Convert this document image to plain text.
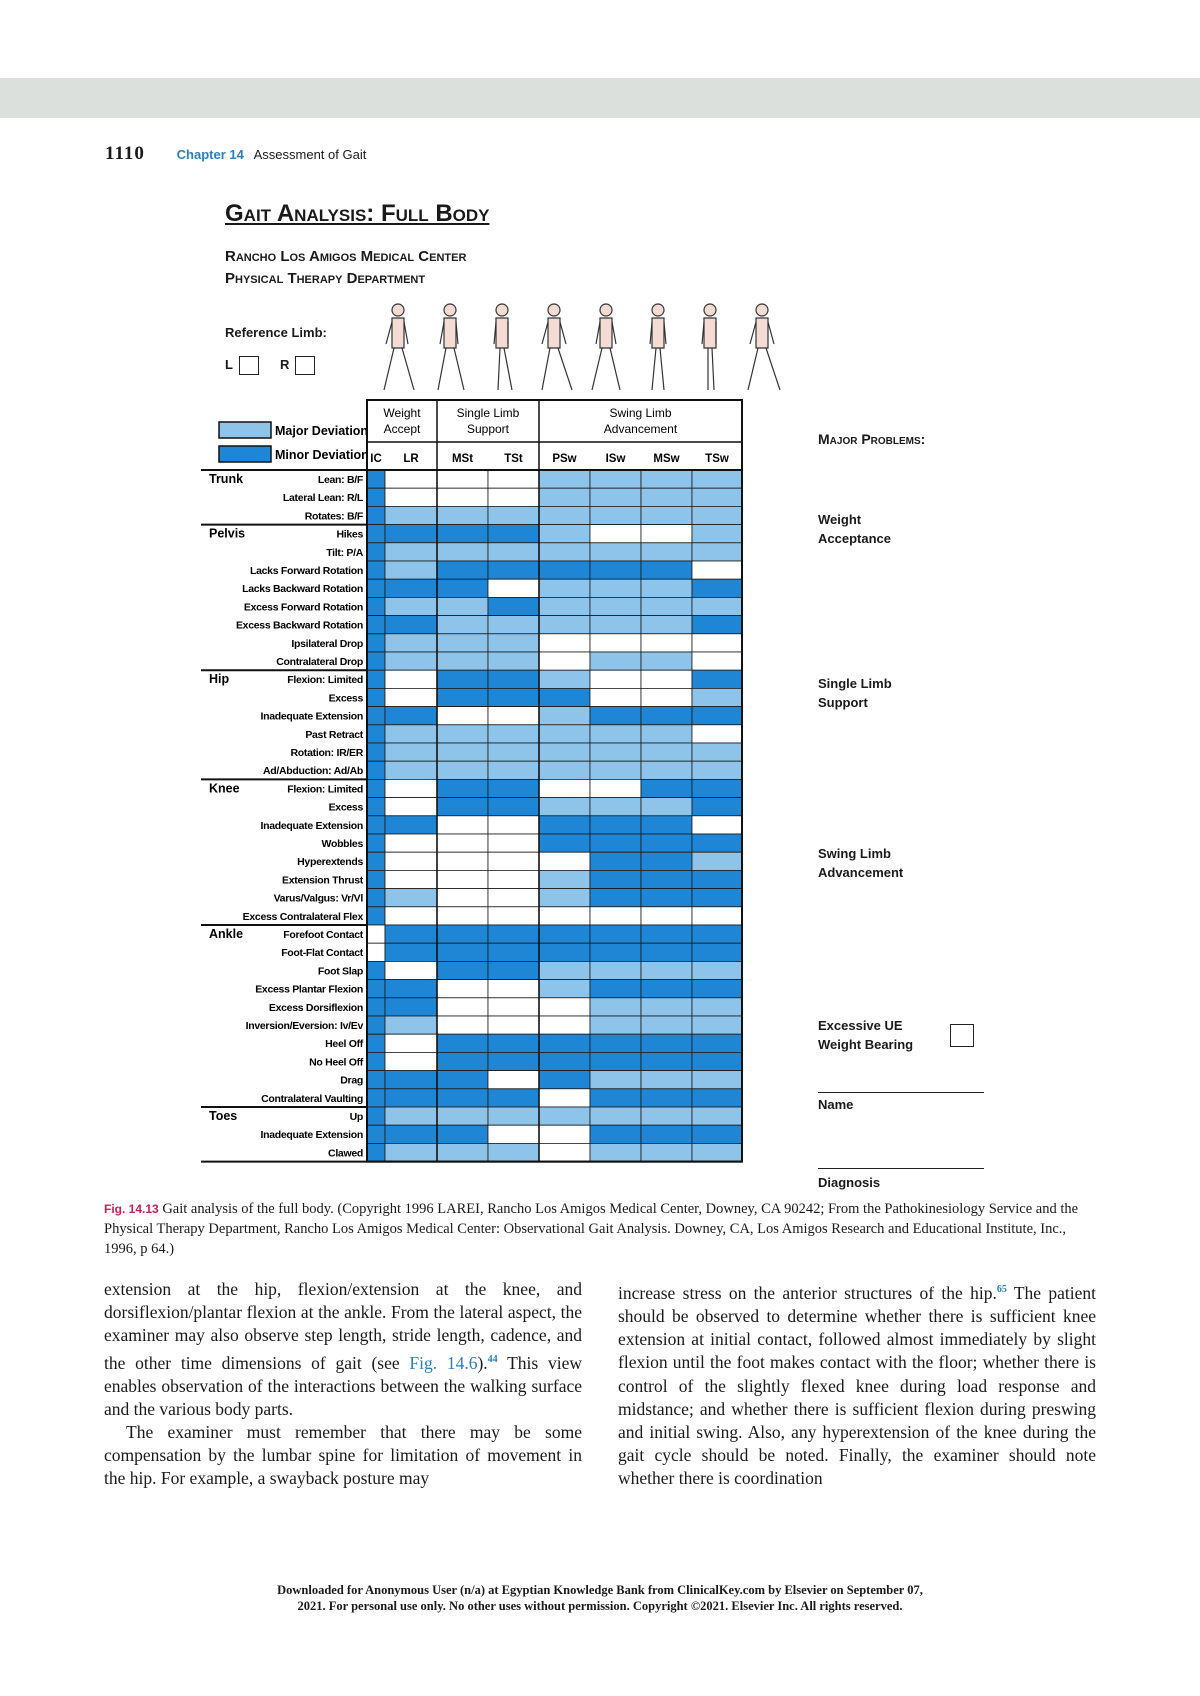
1110 Chapter 14 Assessment of Gait
Gait Analysis: Full Body
Rancho Los Amigos Medical Center
Physical Therapy Department
Reference Limb:
L	R
Major Deviation
Minor Deviation
Weight
Accept
Single Limb
Support
Swing Limb
Advancement
IC LR	MSt	TSt	PSw	ISw MSw TSw
Trunk	Lean: B/F
Lateral Lean: R/L
Rotates: B/F
Pelvis	Hikes
Tilt: P/A
Lacks Forward Rotation
Lacks Backward Rotation
Excess Forward Rotation
Excess Backward Rotation
Ipsilateral Drop
Contralateral Drop
Hip	Flexion: Limited
Excess
Inadequate Extension
Past Retract
Rotation: IR/ER
Ad/Abduction: Ad/Ab
Knee	Flexion: Limited
Excess
Inadequate Extension
Wobbles
Hyperextends
Extension Thrust
Varus/Valgus: Vr/Vl
Excess Contralateral Flex
Ankle	Forefoot Contact
Foot-Flat Contact
Foot Slap
Excess Plantar Flexion
Excess Dorsiflexion
Inversion/Eversion: Iv/Ev
Heel Off
No Heel Off
Drag
Contralateral Vaulting
Toes	Up
Inadequate Extension
Clawed
Major Problems:
Weight Acceptance
Single Limb Support
Swing Limb Advancement
Excessive UE Weight Bearing
Name
Diagnosis
Fig. 14.13 Gait analysis of the full body. (Copyright 1996 LAREI, Rancho Los Amigos Medical Center, Downey, CA 90242; From the Pathokinesiology Service and the Physical Therapy Department, Rancho Los Amigos Medical Center: Observational Gait Analysis. Downey, CA, Los Amigos Research and Educational Institute, Inc., 1996, p 64.)

extension at the hip, flexion/extension at the knee, and dorsiflexion/plantar flexion at the ankle. From the lateral aspect, the examiner may also observe step length, stride length, cadence, and the other time dimensions of gait (see Fig. 14.6).$^{44}$ This view enables observation of the interactions between the walking surface and the various body parts.

The examiner must remember that there may be some compensation by the lumbar spine for limitation of movement in the hip. For example, a swayback posture may

increase stress on the anterior structures of the hip.$^{65}$ The patient should be observed to determine whether there is sufficient knee extension at initial contact, followed almost immediately by slight flexion until the foot makes contact with the floor; whether there is control of the slightly flexed knee during load response and midstance; and whether there is sufficient flexion during preswing and initial swing. Also, any hyperextension of the knee during the gait cycle should be noted. Finally, the examiner should note whether there is coordination

Downloaded for Anonymous User (n/a) at Egyptian Knowledge Bank from ClinicalKey.com by Elsevier on September 07,
2021. For personal use only. No other uses without permission. Copyright ©2021. Elsevier Inc. All rights reserved.
